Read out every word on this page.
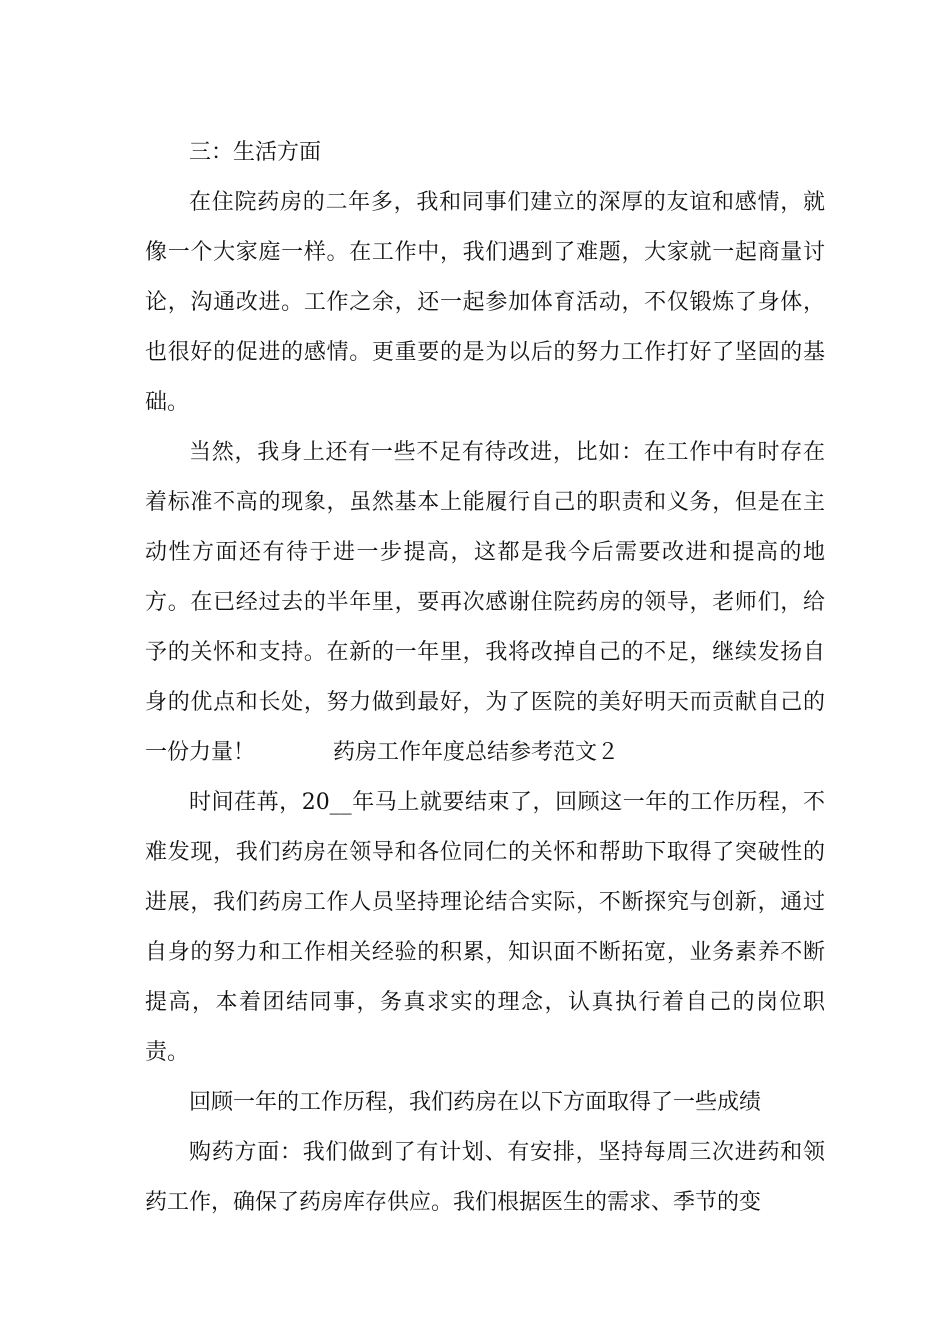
三：生活方面

在住院药房的二年多，我和同事们建立的深厚的友谊和感情，就像一个大家庭一样。在工作中，我们遇到了难题，大家就一起商量讨论，沟通改进。工作之余，还一起参加体育活动，不仅锻炼了身体，也很好的促进的感情。更重要的是为以后的努力工作打好了坚固的基础。

当然，我身上还有一些不足有待改进，比如：在工作中有时存在着标准不高的现象，虽然基本上能履行自己的职责和义务，但是在主动性方面还有待于进一步提高，这都是我今后需要改进和提高的地方。在已经过去的半年里，要再次感谢住院药房的领导，老师们，给予的关怀和支持。在新的一年里，我将改掉自己的不足，继续发扬自身的优点和长处，努力做到最好，为了医院的美好明天而贡献自己的一份力量！	药房工作年度总结参考范文２

时间荏苒，20__年马上就要结束了，回顾这一年的工作历程，不难发现，我们药房在领导和各位同仁的关怀和帮助下取得了突破性的进展，我们药房工作人员坚持理论结合实际，不断探究与创新，通过自身的努力和工作相关经验的积累，知识面不断拓宽，业务素养不断提高，本着团结同事，务真求实的理念，认真执行着自己的岗位职责。

回顾一年的工作历程，我们药房在以下方面取得了一些成绩

购药方面：我们做到了有计划、有安排，坚持每周三次进药和领药工作，确保了药房库存供应。我们根据医生的需求、季节的变
